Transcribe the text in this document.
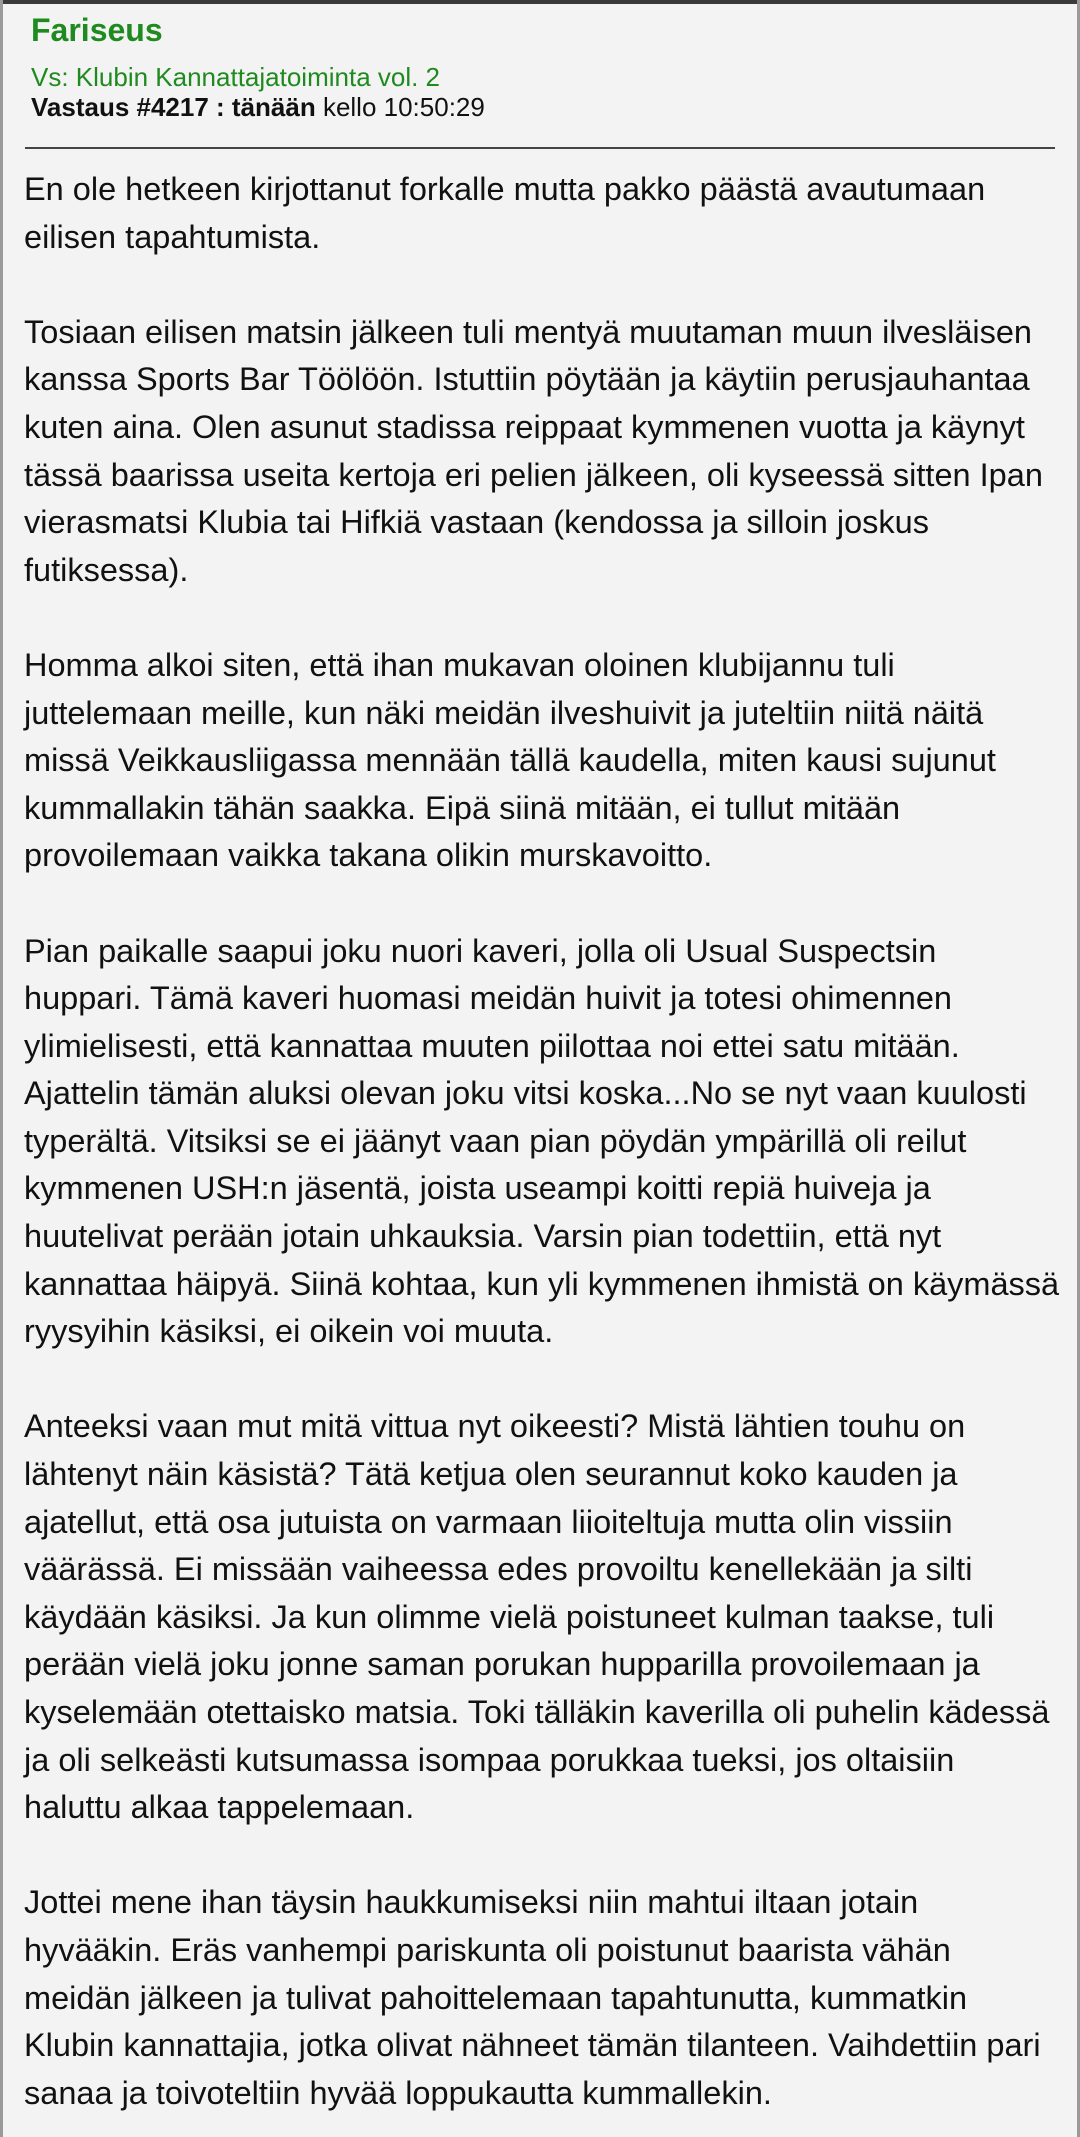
Fariseus
Vs: Klubin Kannattajatoiminta vol. 2
Vastaus #4217 : tänään kello 10:50:29

En ole hetkeen kirjottanut forkalle mutta pakko päästä avautumaan eilisen tapahtumista.

Tosiaan eilisen matsin jälkeen tuli mentyä muutaman muun ilvesläisen kanssa Sports Bar Töölöön. Istuttiin pöytään ja käytiin perusjauhantaa kuten aina. Olen asunut stadissa reippaat kymmenen vuotta ja käynyt tässä baarissa useita kertoja eri pelien jälkeen, oli kyseessä sitten Ipan vierasmatsi Klubia tai Hifkiä vastaan (kendossa ja silloin joskus futiksessa).

Homma alkoi siten, että ihan mukavan oloinen klubijannu tuli juttelemaan meille, kun näki meidän ilveshuivit ja juteltiin niitä näitä missä Veikkausliigassa mennään tällä kaudella, miten kausi sujunut kummallakin tähän saakka. Eipä siinä mitään, ei tullut mitään provoilemaan vaikka takana olikin murskavoitto.

Pian paikalle saapui joku nuori kaveri, jolla oli Usual Suspectsin huppari. Tämä kaveri huomasi meidän huivit ja totesi ohimennen ylimielisesti, että kannattaa muuten piilottaa noi ettei satu mitään. Ajattelin tämän aluksi olevan joku vitsi koska...No se nyt vaan kuulosti typerältä. Vitsiksi se ei jäänyt vaan pian pöydän ympärillä oli reilut kymmenen USH:n jäsentä, joista useampi koitti repiä huiveja ja huutelivat perään jotain uhkauksia. Varsin pian todettiin, että nyt kannattaa häipyä. Siinä kohtaa, kun yli kymmenen ihmistä on käymässä ryysyihin käsiksi, ei oikein voi muuta.

Anteeksi vaan mut mitä vittua nyt oikeesti? Mistä lähtien touhu on lähtenyt näin käsistä? Tätä ketjua olen seurannut koko kauden ja ajatellut, että osa jutuista on varmaan liioiteltuja mutta olin vissiin väärässä. Ei missään vaiheessa edes provoiltu kenellekään ja silti käydään käsiksi. Ja kun olimme vielä poistuneet kulman taakse, tuli perään vielä joku jonne saman porukan hupparilla provoilemaan ja kyselemään otettaisko matsia. Toki tälläkin kaverilla oli puhelin kädessä ja oli selkeästi kutsumassa isompaa porukkaa tueksi, jos oltaisiin haluttu alkaa tappelemaan.

Jottei mene ihan täysin haukkumiseksi niin mahtui iltaan jotain hyvääkin. Eräs vanhempi pariskunta oli poistunut baarista vähän meidän jälkeen ja tulivat pahoittelemaan tapahtunutta, kummatkin Klubin kannattajia, jotka olivat nähneet tämän tilanteen. Vaihdettiin pari sanaa ja toivoteltiin hyvää loppukautta kummallekin.
